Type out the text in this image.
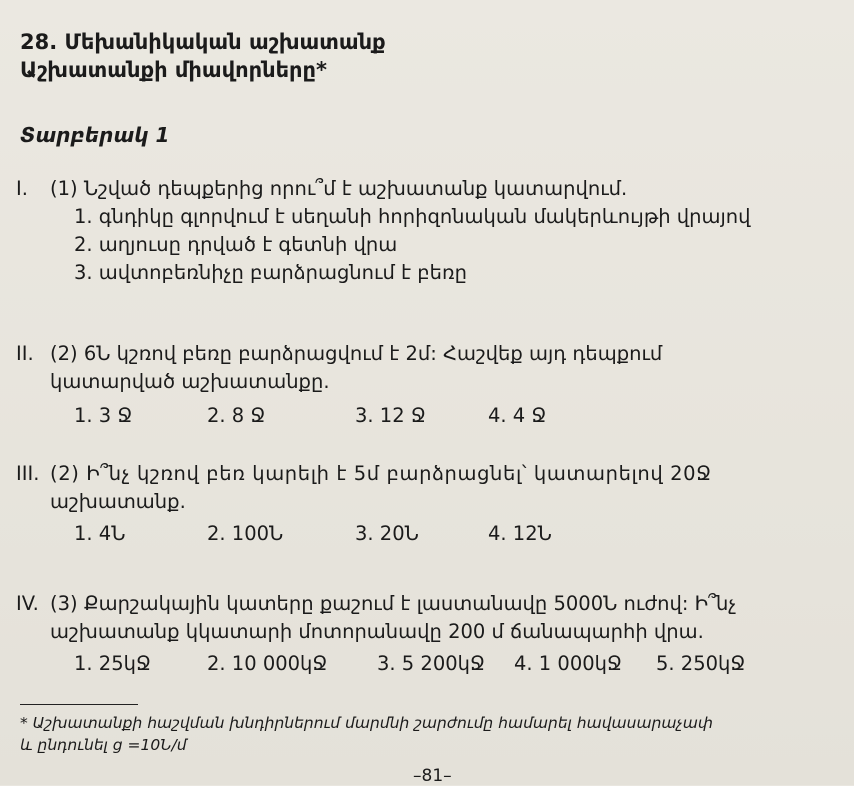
28. Մեխանիկական աշխատանք
Աշխատանքի միավորները*
Տարբերակ 1
I. (1) Նշված դեպքերից որու՞մ է աշխատանք կատարվում.
1. գնդիկը գլորվում է սեղանի հորիզոնական մակերևույթի վրայով
2. աղյուսը դրված է գետնի վրա
3. ավտոբեռնիչը բարձրացնում է բեռը
II. (2) 6Ն կշռով բեռը բարձրացվում է 2մ: Հաշվեք այդ դեպքում
կատարված աշխատանքը.
1. 3 Ջ	2. 8 Ջ	3. 12 Ջ	4. 4 Ջ
III. (2) Ի՞նչ կշռով բեռ կարելի է 5մ բարձրացնել՝ կատարելով 20Ջ
աշխատանք.
1. 4Ն	2. 100Ն	3. 20Ն	4. 12Ն
IV. (3) Քարշակային կատերը քաշում է լաստանավը 5000Ն ուժով: Ի՞նչ
աշխատանք կկատարի մոտորանավը 200 մ ճանապարհի վրա.
1. 25կՋ	2. 10 000կՋ	3. 5 200կՋ	4. 1 000կՋ	5. 250կՋ
* Աշխատանքի հաշվման խնդիրներում մարմնի շարժումը համարել հավասարաչափ
և ընդունել g =10Ն/մ
–81–
